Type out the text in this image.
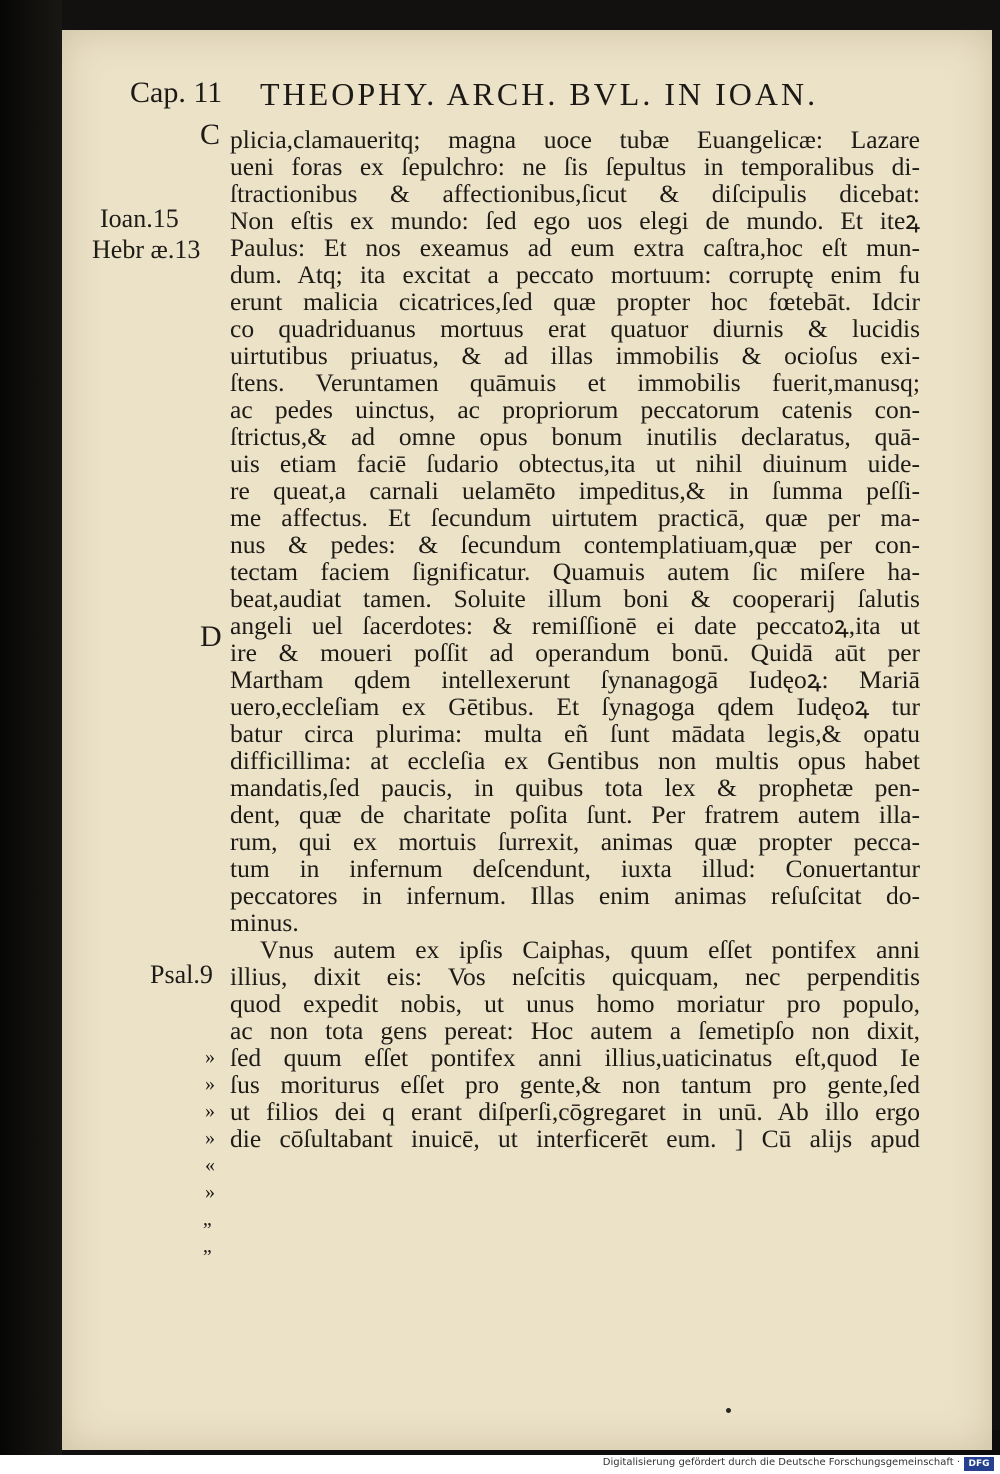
Cap. 11 THEOPHY. ARCH. BVL. IN IOAN.
C
D
Ioan.15
Hebr æ.13
Psal.9
»
»
»
»
«
»
,,
,,
plicia,clamaueritq; magna uoce tubæ Euangelicæ: Lazare
ueni foras ex ſepulchro: ne ſis ſepultus in temporalibus di-
ſtractionibus & affectionibus,ſicut & diſcipulis dicebat:
Non eſtis ex mundo: ſed ego uos elegi de mundo. Et iteꝝ
Paulus: Et nos exeamus ad eum extra caſtra,hoc eſt mun-
dum. Atq; ita excitat a peccato mortuum: corruptę enim fu
erunt malicia cicatrices,ſed quæ propter hoc fœtebāt. Idcir
co quadriduanus mortuus erat quatuor diurnis & lucidis
uirtutibus priuatus, & ad illas immobilis & ocioſus exi-
ſtens. Veruntamen quāmuis et immobilis fuerit,manusq;
ac pedes uinctus, ac propriorum peccatorum catenis con-
ſtrictus,& ad omne opus bonum inutilis declaratus, quā-
uis etiam faciē ſudario obtectus,ita ut nihil diuinum uide-
re queat,a carnali uelamēto impeditus,& in ſumma peſſi-
me affectus. Et ſecundum uirtutem practicā, quæ per ma-
nus & pedes: & ſecundum contemplatiuam,quæ per con-
tectam faciem ſignificatur. Quamuis autem ſic miſere ha-
beat,audiat tamen. Soluite illum boni & cooperarij ſalutis
angeli uel ſacerdotes: & remiſſionē ei date peccatoꝝ,ita ut
ire & moueri poſſit ad operandum bonū. Quidā aūt per
Martham qdem intellexerunt ſynanagogā Iudęoꝝ: Mariā
uero,eccleſiam ex Gētibus. Et ſynagoga qdem Iudęoꝝ tur
batur circa plurima: multa eñ ſunt mādata legis,& opatu
difficillima: at eccleſia ex Gentibus non multis opus habet
mandatis,ſed paucis, in quibus tota lex & prophetæ pen-
dent, quæ de charitate poſita ſunt. Per fratrem autem illa-
rum, qui ex mortuis ſurrexit, animas quæ propter pecca-
tum in infernum deſcendunt, iuxta illud: Conuertantur
peccatores in infernum. Illas enim animas reſuſcitat do-
minus.
Vnus autem ex ipſis Caiphas, quum eſſet pontifex anni
illius, dixit eis: Vos neſcitis quicquam, nec perpenditis
quod expedit nobis, ut unus homo moriatur pro populo,
ac non tota gens pereat: Hoc autem a ſemetipſo non dixit,
ſed quum eſſet pontifex anni illius,uaticinatus eſt,quod Ie
ſus moriturus eſſet pro gente,& non tantum pro gente,ſed
ut filios dei q erant diſperſi,cōgregaret in unū. Ab illo ergo
die cōſultabant inuicē, ut interficerēt eum. ] Cū alijs apud
Digitalisierung gefördert durch die Deutsche Forschungsgemeinschaft · DFG
